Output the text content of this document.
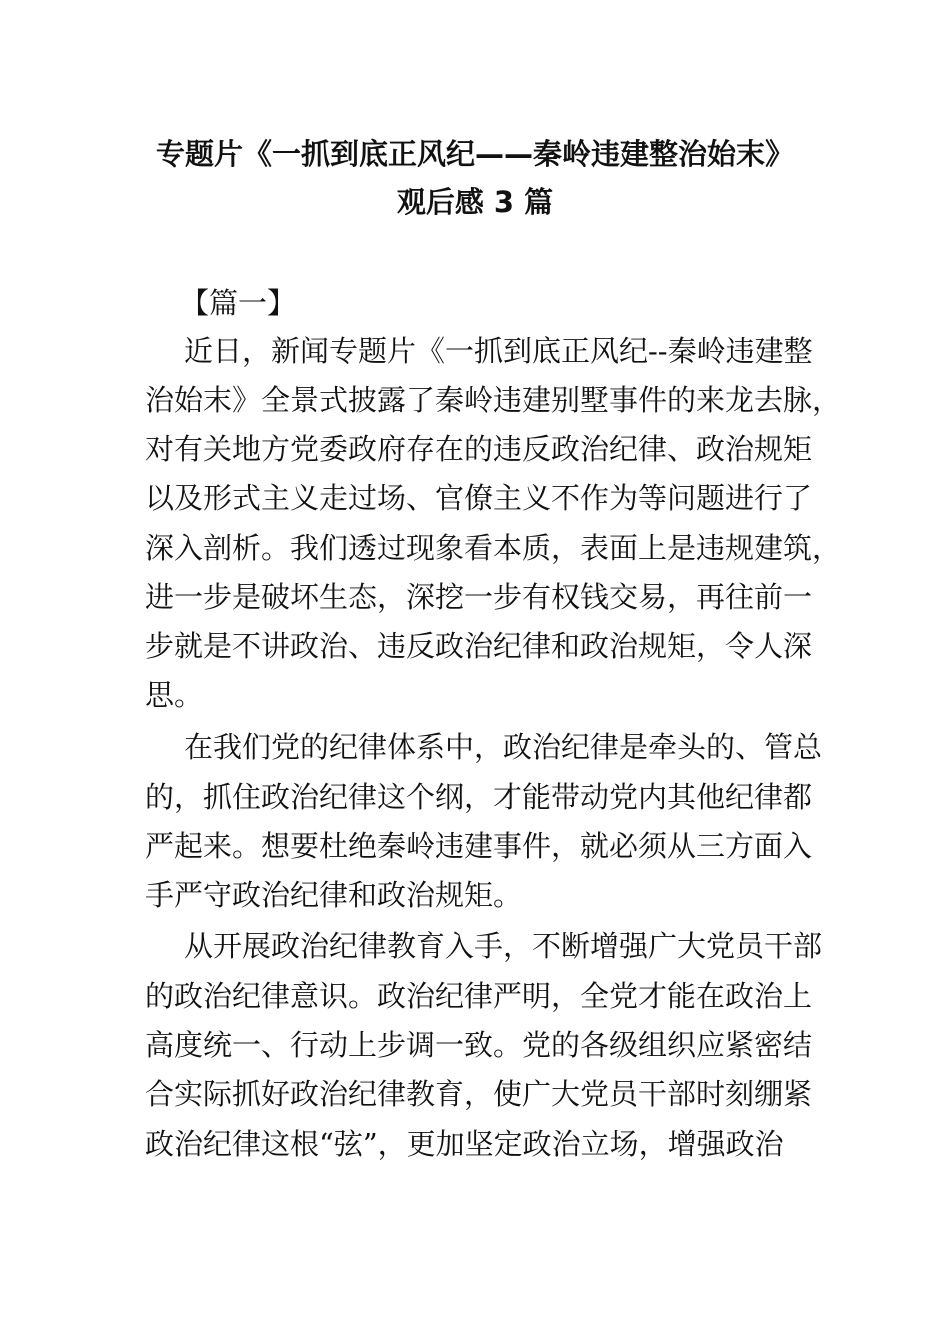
专题片《一抓到底正风纪——秦岭违建整治始末》
观后感 3 篇
【篇一】
近日，新闻专题片《一抓到底正风纪--秦岭违建整
治始末》全景式披露了秦岭违建别墅事件的来龙去脉，
对有关地方党委政府存在的违反政治纪律、政治规矩
以及形式主义走过场、官僚主义不作为等问题进行了
深入剖析。我们透过现象看本质，表面上是违规建筑，
进一步是破坏生态，深挖一步有权钱交易，再往前一
步就是不讲政治、违反政治纪律和政治规矩，令人深
思。
在我们党的纪律体系中，政治纪律是牵头的、管总
的，抓住政治纪律这个纲，才能带动党内其他纪律都
严起来。想要杜绝秦岭违建事件，就必须从三方面入
手严守政治纪律和政治规矩。
从开展政治纪律教育入手，不断增强广大党员干部
的政治纪律意识。政治纪律严明，全党才能在政治上
高度统一、行动上步调一致。党的各级组织应紧密结
合实际抓好政治纪律教育，使广大党员干部时刻绷紧
政治纪律这根“弦”，更加坚定政治立场，增强政治
